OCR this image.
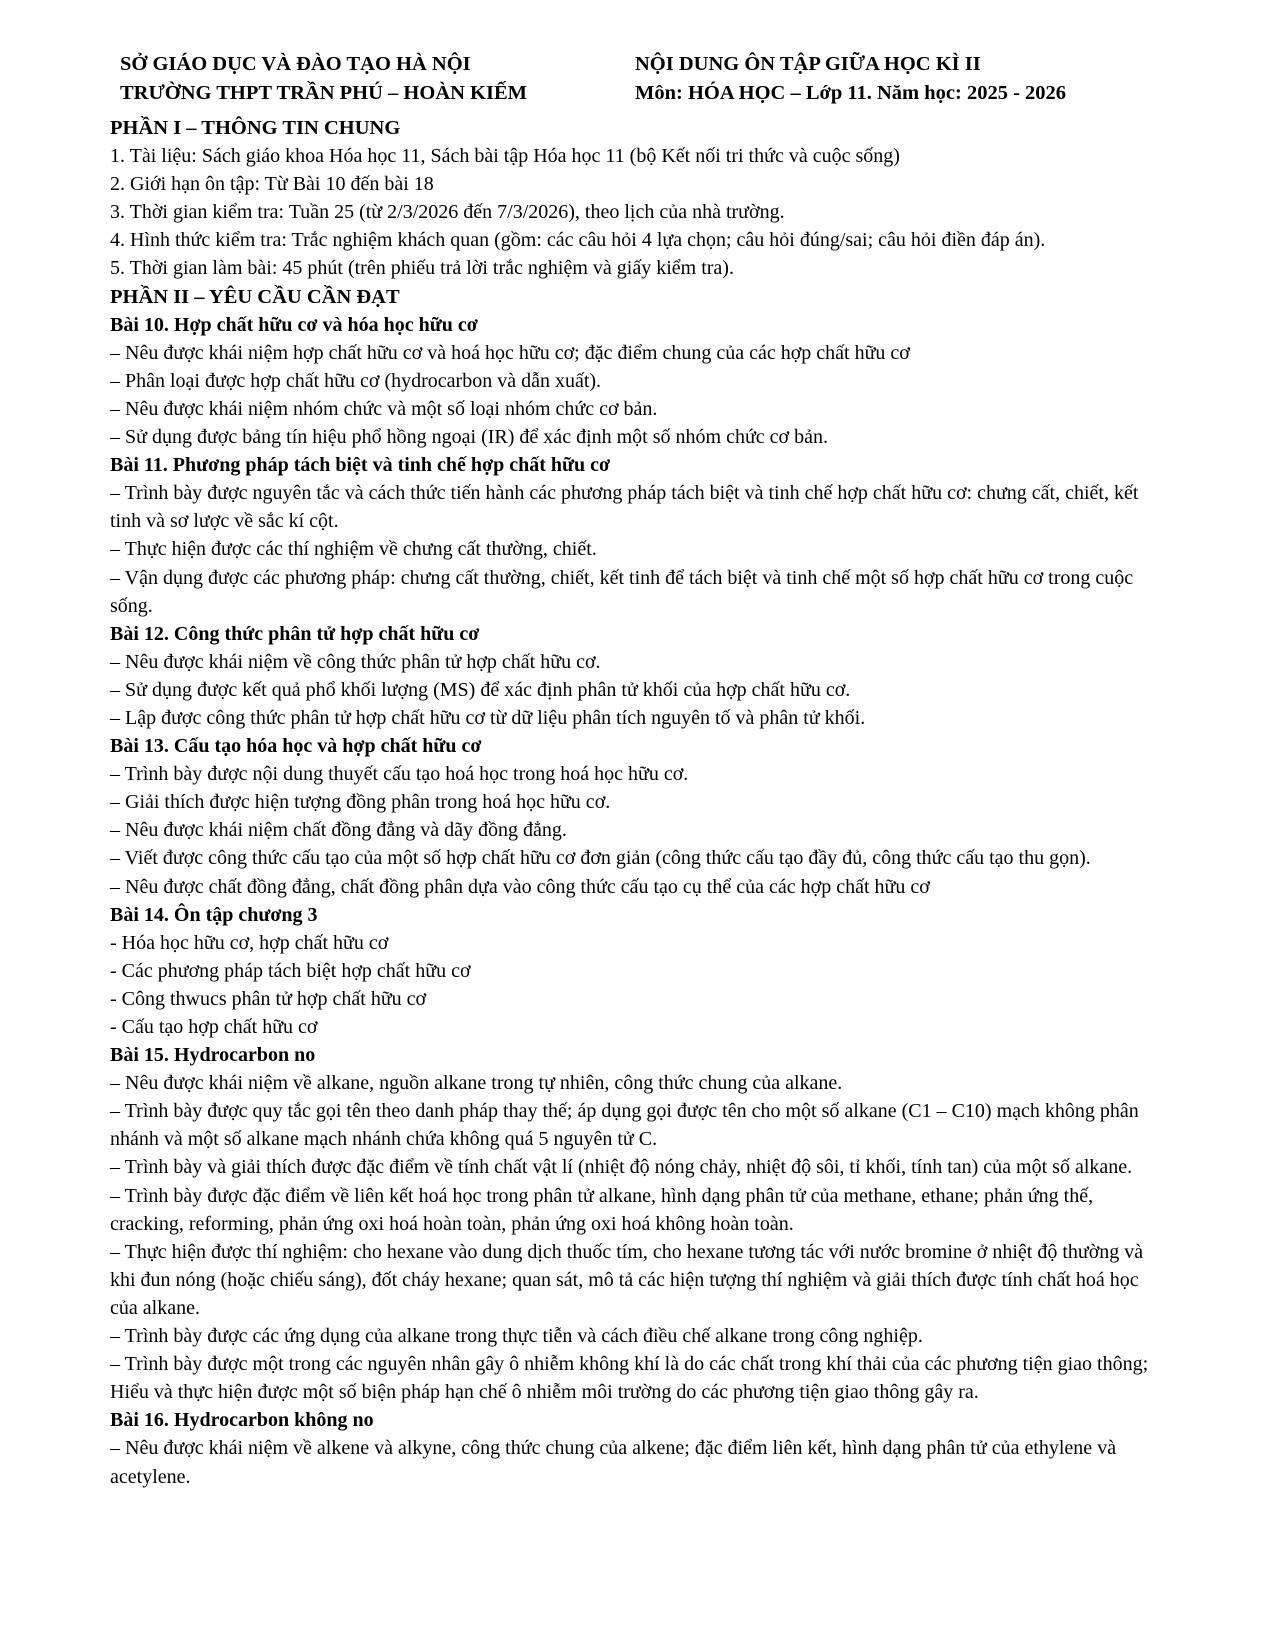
SỞ GIÁO DỤC VÀ ĐÀO TẠO HÀ NỘI
TRƯỜNG THPT TRẦN PHÚ – HOÀN KIẾM
NỘI DUNG ÔN TẬP GIỮA HỌC KÌ II
Môn: HÓA HỌC – Lớp 11. Năm học: 2025 - 2026

PHẦN I – THÔNG TIN CHUNG

1. Tài liệu: Sách giáo khoa Hóa học 11, Sách bài tập Hóa học 11 (bộ Kết nối tri thức và cuộc sống)

2. Giới hạn ôn tập: Từ Bài 10 đến bài 18

3. Thời gian kiểm tra: Tuần 25 (từ 2/3/2026 đến 7/3/2026), theo lịch của nhà trường.

4. Hình thức kiểm tra: Trắc nghiệm khách quan (gồm: các câu hỏi 4 lựa chọn; câu hỏi đúng/sai; câu hỏi điền đáp án).

5. Thời gian làm bài: 45 phút (trên phiếu trả lời trắc nghiệm và giấy kiểm tra).

PHẦN II – YÊU CẦU CẦN ĐẠT

Bài 10. Hợp chất hữu cơ và hóa học hữu cơ

– Nêu được khái niệm hợp chất hữu cơ và hoá học hữu cơ; đặc điểm chung của các hợp chất hữu cơ

– Phân loại được hợp chất hữu cơ (hydrocarbon và dẫn xuất).

– Nêu được khái niệm nhóm chức và một số loại nhóm chức cơ bản.

– Sử dụng được bảng tín hiệu phổ hồng ngoại (IR) để xác định một số nhóm chức cơ bản.

Bài 11. Phương pháp tách biệt và tinh chế hợp chất hữu cơ

– Trình bày được nguyên tắc và cách thức tiến hành các phương pháp tách biệt và tinh chế hợp chất hữu cơ: chưng cất, chiết, kết tinh và sơ lược về sắc kí cột.

– Thực hiện được các thí nghiệm về chưng cất thường, chiết.

– Vận dụng được các phương pháp: chưng cất thường, chiết, kết tinh để tách biệt và tinh chế một số hợp chất hữu cơ trong cuộc sống.

Bài 12. Công thức phân tử hợp chất hữu cơ

– Nêu được khái niệm về công thức phân tử hợp chất hữu cơ.

– Sử dụng được kết quả phổ khối lượng (MS) để xác định phân tử khối của hợp chất hữu cơ.

– Lập được công thức phân tử hợp chất hữu cơ từ dữ liệu phân tích nguyên tố và phân tử khối.

Bài 13. Cấu tạo hóa học và hợp chất hữu cơ

– Trình bày được nội dung thuyết cấu tạo hoá học trong hoá học hữu cơ.

– Giải thích được hiện tượng đồng phân trong hoá học hữu cơ.

– Nêu được khái niệm chất đồng đẳng và dãy đồng đẳng.

– Viết được công thức cấu tạo của một số hợp chất hữu cơ đơn giản (công thức cấu tạo đầy đủ, công thức cấu tạo thu gọn).

– Nêu được chất đồng đẳng, chất đồng phân dựa vào công thức cấu tạo cụ thể của các hợp chất hữu cơ

Bài 14. Ôn tập chương 3

- Hóa học hữu cơ, hợp chất hữu cơ

- Các phương pháp tách biệt hợp chất hữu cơ

- Công thwucs phân tử hợp chất hữu cơ

- Cấu tạo hợp chất hữu cơ

Bài 15. Hydrocarbon no

– Nêu được khái niệm về alkane, nguồn alkane trong tự nhiên, công thức chung của alkane.

– Trình bày được quy tắc gọi tên theo danh pháp thay thế; áp dụng gọi được tên cho một số alkane (C1 – C10) mạch không phân nhánh và một số alkane mạch nhánh chứa không quá 5 nguyên tử C.

– Trình bày và giải thích được đặc điểm về tính chất vật lí (nhiệt độ nóng chảy, nhiệt độ sôi, tỉ khối, tính tan) của một số alkane.

– Trình bày được đặc điểm về liên kết hoá học trong phân tử alkane, hình dạng phân tử của methane, ethane; phản ứng thế, cracking, reforming, phản ứng oxi hoá hoàn toàn, phản ứng oxi hoá không hoàn toàn.

– Thực hiện được thí nghiệm: cho hexane vào dung dịch thuốc tím, cho hexane tương tác với nước bromine ở nhiệt độ thường và khi đun nóng (hoặc chiếu sáng), đốt cháy hexane; quan sát, mô tả các hiện tượng thí nghiệm và giải thích được tính chất hoá học của alkane.

– Trình bày được các ứng dụng của alkane trong thực tiễn và cách điều chế alkane trong công nghiệp.

– Trình bày được một trong các nguyên nhân gây ô nhiễm không khí là do các chất trong khí thải của các phương tiện giao thông; Hiểu và thực hiện được một số biện pháp hạn chế ô nhiễm môi trường do các phương tiện giao thông gây ra.

Bài 16. Hydrocarbon không no

– Nêu được khái niệm về alkene và alkyne, công thức chung của alkene; đặc điểm liên kết, hình dạng phân tử của ethylene và acetylene.
